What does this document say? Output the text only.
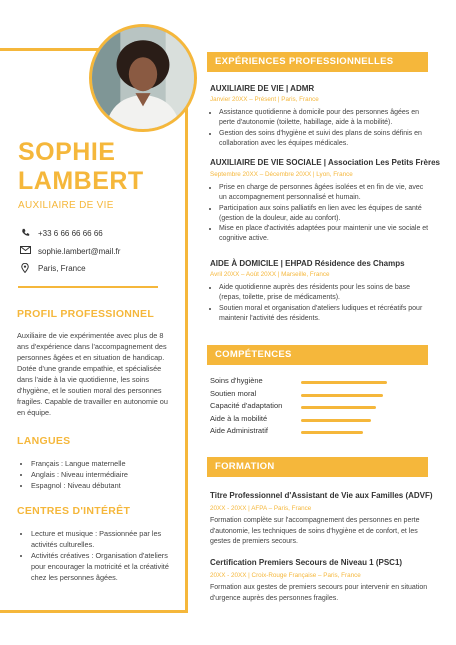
SOPHIE
LAMBERT
AUXILIAIRE DE VIE
+33 6 66 66 66 66
sophie.lambert@mail.fr
Paris, France
PROFIL PROFESSIONNEL

Auxiliaire de vie expérimentée avec plus de 8 ans d'expérience dans l'accompagnement des personnes âgées et en situation de handicap. Dotée d'une grande empathie, et spécialisée dans l'aide à la vie quotidienne, les soins d'hygiène, et le soutien moral des personnes fragiles. Capable de travailler en autonomie ou en équipe.

LANGUES
• Français : Langue maternelle
• Anglais : Niveau intermédiaire
• Espagnol : Niveau débutant
CENTRES D'INTÉRÊT
• Lecture et musique : Passionnée par les activités culturelles.
• Activités créatives : Organisation d'ateliers pour encourager la motricité et la créativité chez les personnes âgées.
EXPÉRIENCES PROFESSIONNELLES
AUXILIAIRE DE VIE | ADMR
Janvier 20XX – Présent | Paris, France
• Assistance quotidienne à domicile pour des personnes âgées en perte d'autonomie (toilette, habillage, aide à la mobilité).
• Gestion des soins d'hygiène et suivi des plans de soins définis en collaboration avec les équipes médicales.
AUXILIAIRE DE VIE SOCIALE | Association Les Petits Frères
Septembre 20XX – Décembre 20XX | Lyon, France
• Prise en charge de personnes âgées isolées et en fin de vie, avec un accompagnement personnalisé et humain.
• Participation aux soins palliatifs en lien avec les équipes de santé (gestion de la douleur, aide au confort).
• Mise en place d'activités adaptées pour maintenir une vie sociale et cognitive active.
AIDE À DOMICILE | EHPAD Résidence des Champs
Avril 20XX – Août 20XX | Marseille, France
• Aide quotidienne auprès des résidents pour les soins de base (repas, toilette, prise de médicaments).
• Soutien moral et organisation d'ateliers ludiques et récréatifs pour maintenir l'activité des résidents.
COMPÉTENCES
Soins d'hygiène
Soutien moral
Capacité d'adaptation
Aide à la mobilité
Aide Administratif
FORMATION
Titre Professionnel d'Assistant de Vie aux Familles (ADVF)
20XX - 20XX | AFPA – Paris, France

Formation complète sur l'accompagnement des personnes en perte d'autonomie, les techniques de soins d'hygiène et de confort, et les gestes de premiers secours.

Certification Premiers Secours de Niveau 1 (PSC1)
20XX - 20XX | Croix-Rouge Française – Paris, France

Formation aux gestes de premiers secours pour intervenir en situation d'urgence auprès des personnes fragiles.
